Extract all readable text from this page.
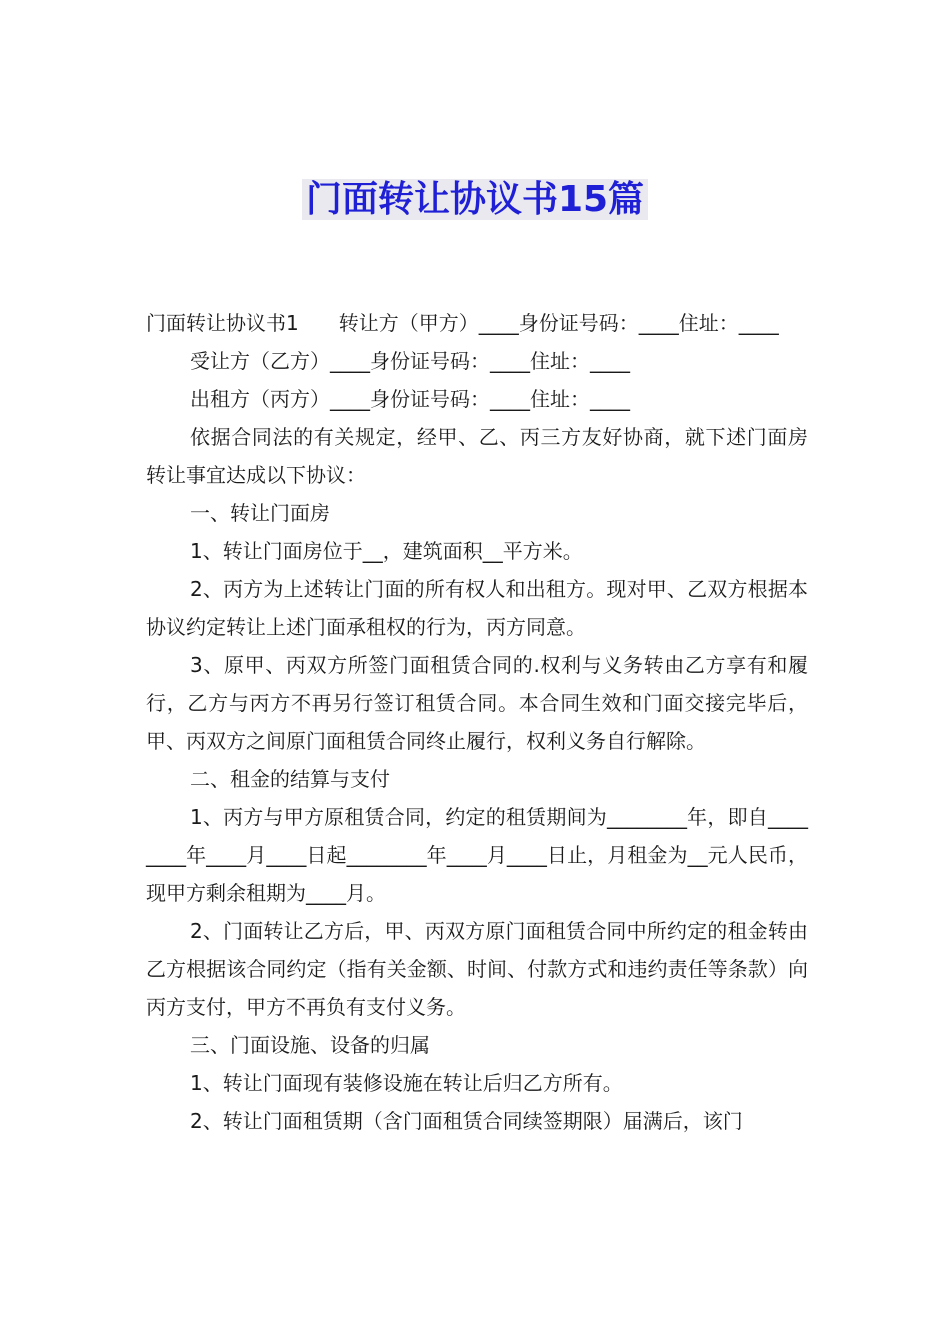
门面转让协议书15篇

门面转让协议书1　　转让方（甲方）____身份证号码：____住址：____

受让方（乙方）____身份证号码：____住址：____

出租方（丙方）____身份证号码：____住址：____

依据合同法的有关规定，经甲、乙、丙三方友好协商，就下述门面房转让事宜达成以下协议：

一、转让门面房

1、转让门面房位于__，建筑面积__平方米。

2、丙方为上述转让门面的所有权人和出租方。现对甲、乙双方根据本协议约定转让上述门面承租权的行为，丙方同意。

3、原甲、丙双方所签门面租赁合同的.权利与义务转由乙方享有和履行，乙方与丙方不再另行签订租赁合同。本合同生效和门面交接完毕后，甲、丙双方之间原门面租赁合同终止履行，权利义务自行解除。

二、租金的结算与支付

1、丙方与甲方原租赁合同，约定的租赁期间为________年，即自________年____月____日起________年____月____日止，月租金为__元人民币，现甲方剩余租期为____月。

2、门面转让乙方后，甲、丙双方原门面租赁合同中所约定的租金转由乙方根据该合同约定（指有关金额、时间、付款方式和违约责任等条款）向丙方支付，甲方不再负有支付义务。

三、门面设施、设备的归属

1、转让门面现有装修设施在转让后归乙方所有。

2、转让门面租赁期（含门面租赁合同续签期限）届满后，该门
